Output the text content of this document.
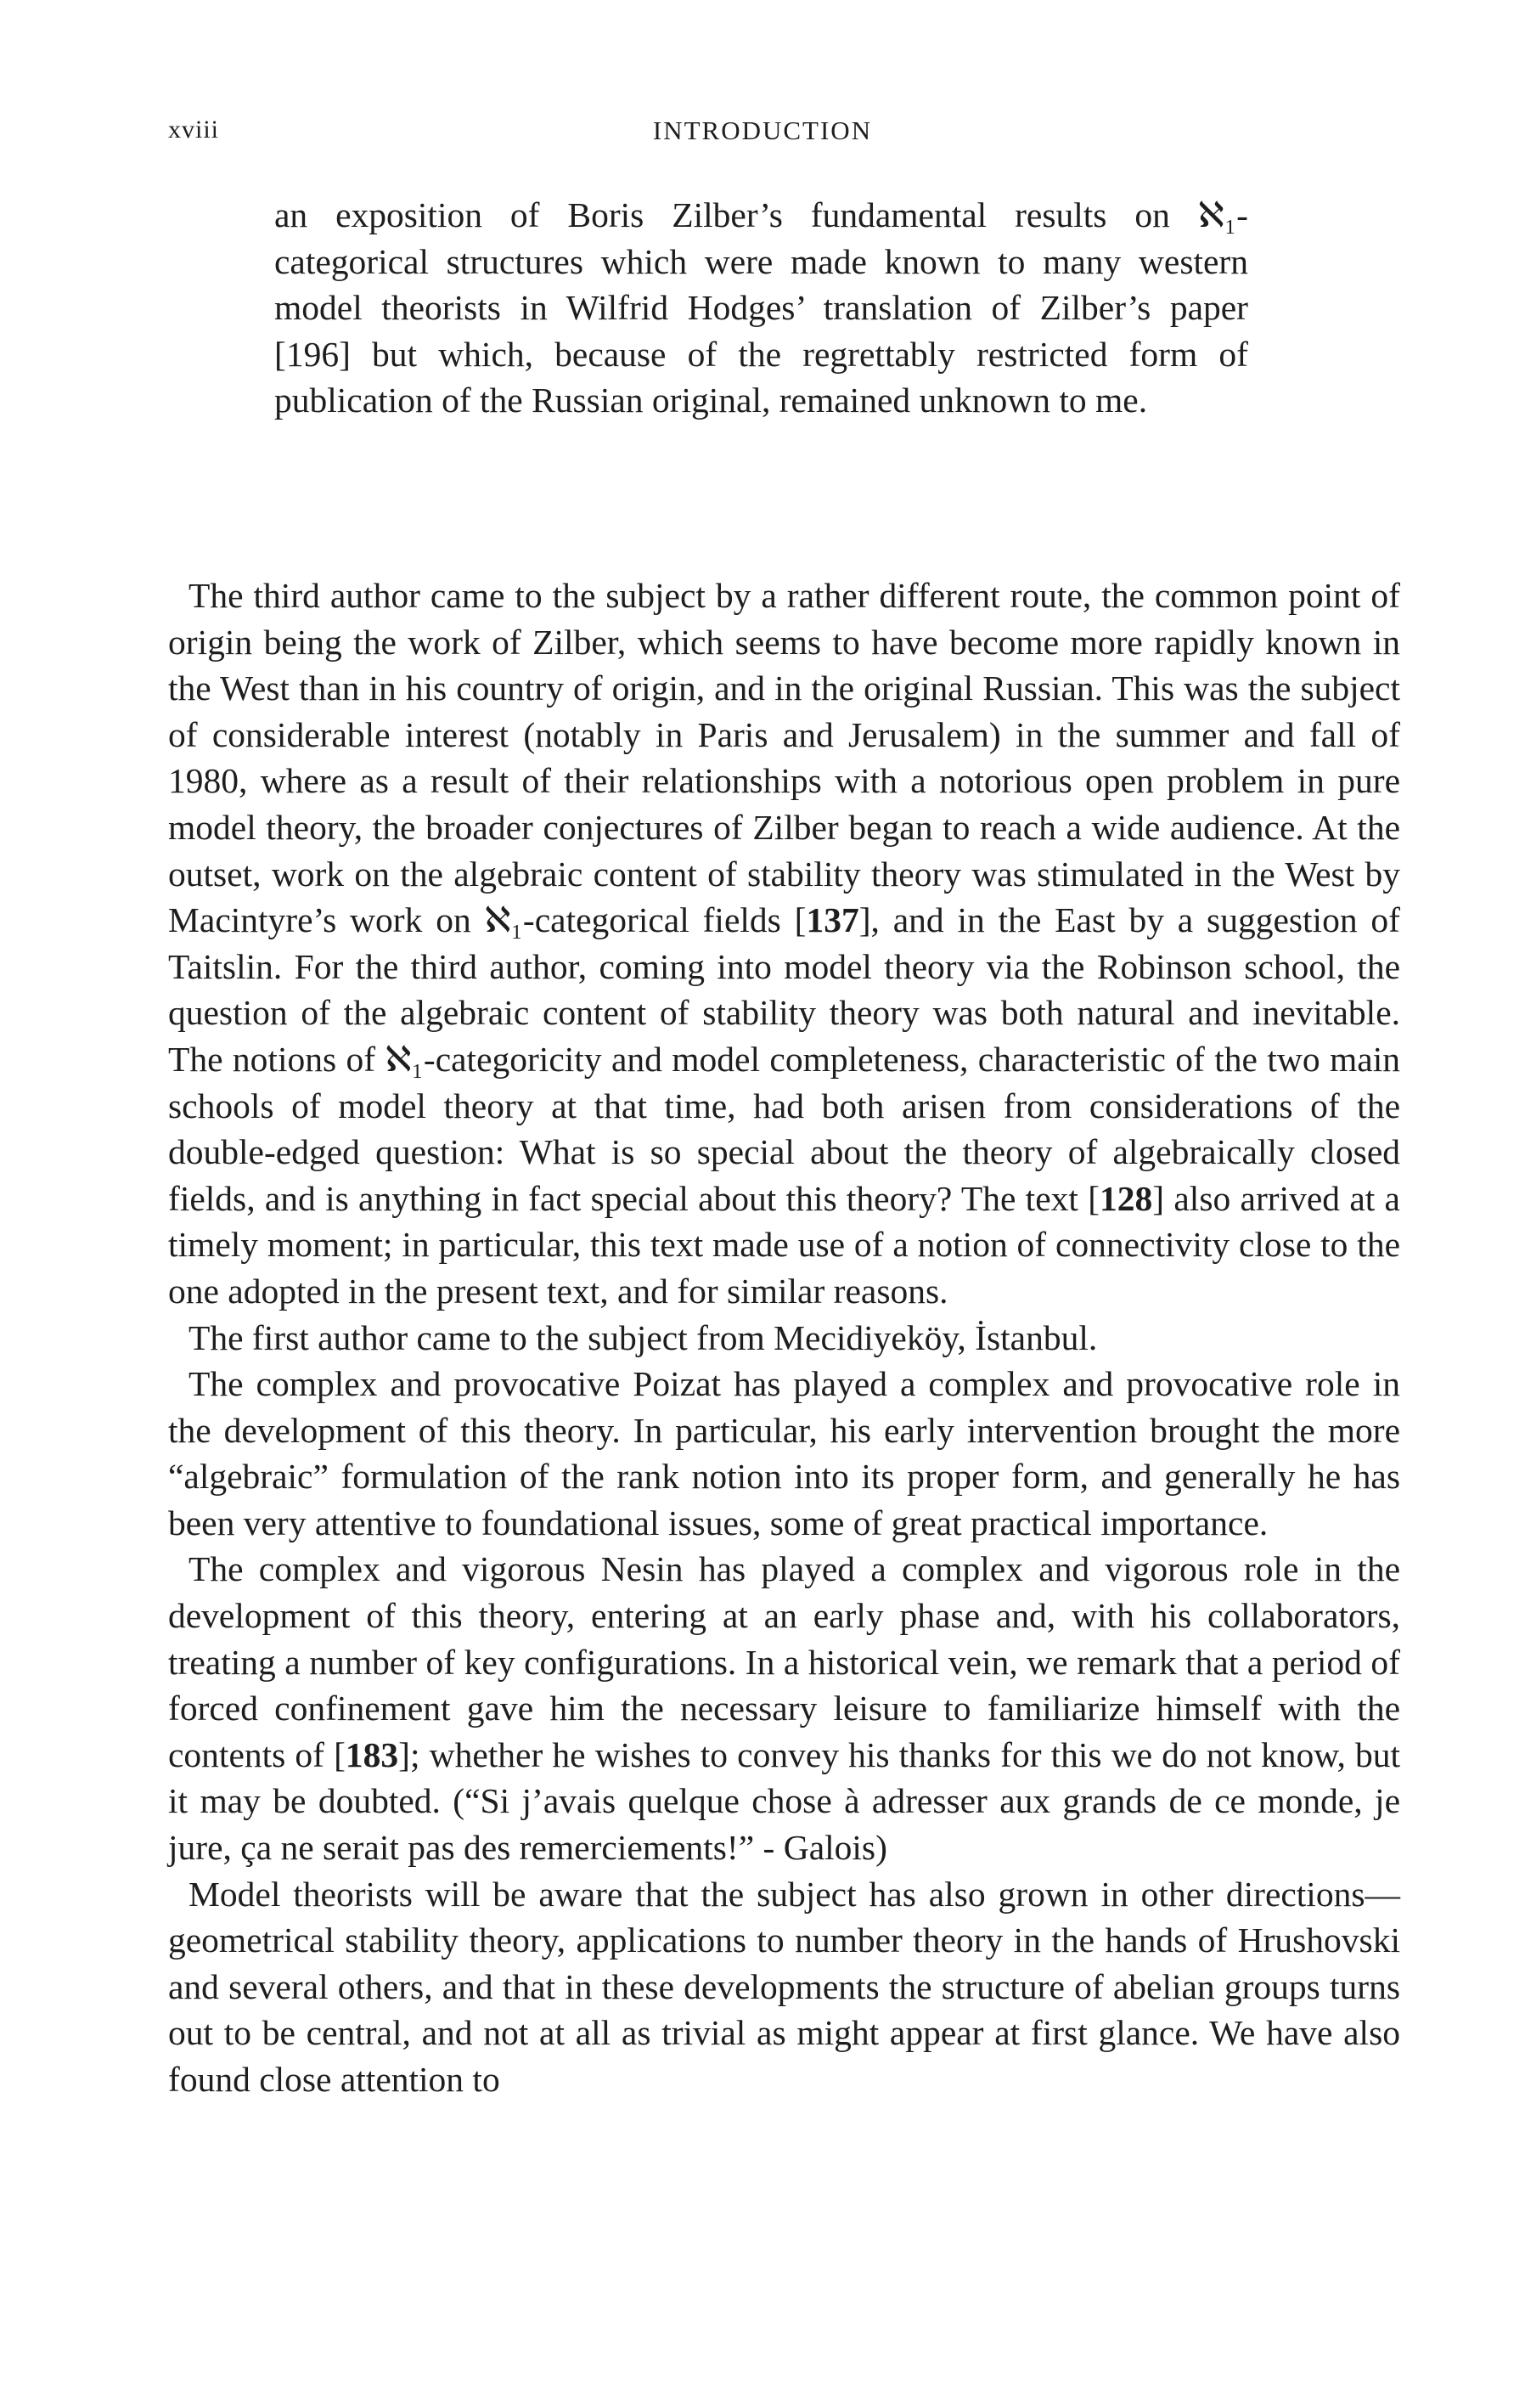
xviii	INTRODUCTION

an exposition of Boris Zilber’s fundamental results on ℵ₁-categorical structures which were made known to many western model theorists in Wilfrid Hodges’ translation of Zilber’s paper [196] but which, because of the regrettably restricted form of publication of the Russian original, remained unknown to me.

The third author came to the subject by a rather different route, the common point of origin being the work of Zilber, which seems to have become more rapidly known in the West than in his country of origin, and in the original Russian. This was the subject of considerable interest (notably in Paris and Jerusalem) in the summer and fall of 1980, where as a result of their relationships with a notorious open problem in pure model theory, the broader conjectures of Zilber began to reach a wide audience. At the outset, work on the algebraic content of stability theory was stimulated in the West by Macintyre’s work on ℵ₁-categorical fields [137], and in the East by a suggestion of Taitslin. For the third author, coming into model theory via the Robinson school, the question of the algebraic content of stability theory was both natural and inevitable. The notions of ℵ₁-categoricity and model completeness, characteristic of the two main schools of model theory at that time, had both arisen from considerations of the double-edged question: What is so special about the theory of algebraically closed fields, and is anything in fact special about this theory? The text [128] also arrived at a timely moment; in particular, this text made use of a notion of connectivity close to the one adopted in the present text, and for similar reasons.

The first author came to the subject from Mecidiyeköy, İstanbul.

The complex and provocative Poizat has played a complex and provocative role in the development of this theory. In particular, his early intervention brought the more “algebraic” formulation of the rank notion into its proper form, and generally he has been very attentive to foundational issues, some of great practical importance.

The complex and vigorous Nesin has played a complex and vigorous role in the development of this theory, entering at an early phase and, with his collaborators, treating a number of key configurations. In a historical vein, we remark that a period of forced confinement gave him the necessary leisure to familiarize himself with the contents of [183]; whether he wishes to convey his thanks for this we do not know, but it may be doubted. (“Si j’avais quelque chose à adresser aux grands de ce monde, je jure, ça ne serait pas des remerciements!” - Galois)

Model theorists will be aware that the subject has also grown in other directions—geometrical stability theory, applications to number theory in the hands of Hrushovski and several others, and that in these developments the structure of abelian groups turns out to be central, and not at all as trivial as might appear at first glance. We have also found close attention to
